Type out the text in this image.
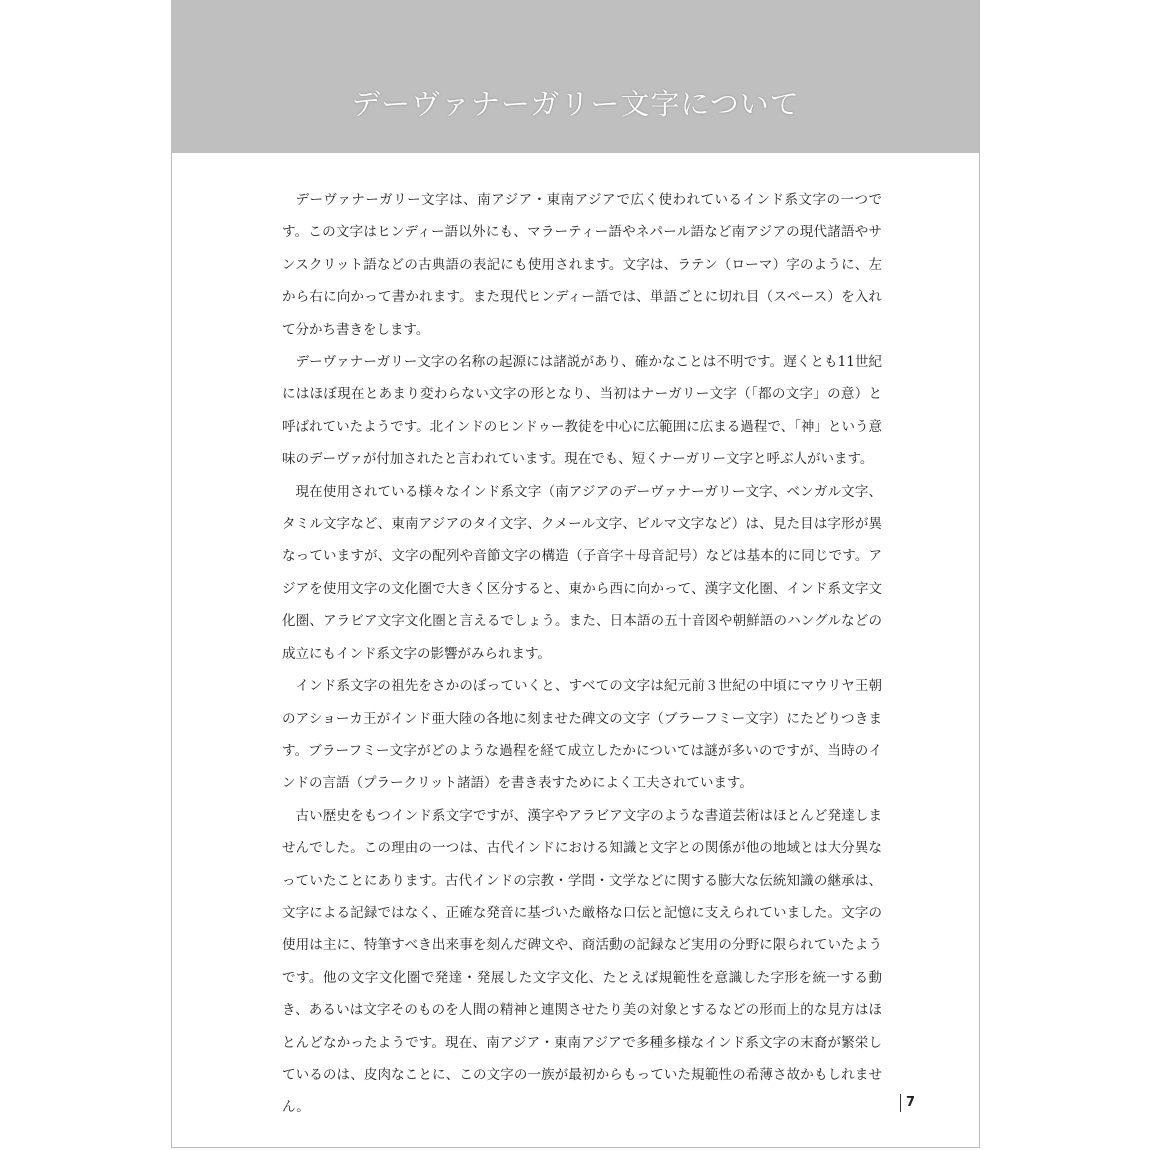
デーヴァナーガリー文字について

デーヴァナーガリー文字は、南アジア・東南アジアで広く使われているインド系文字の一つです。この文字はヒンディー語以外にも、マラーティー語やネパール語など南アジアの現代諸語やサンスクリット語などの古典語の表記にも使用されます。文字は、ラテン（ローマ）字のように、左から右に向かって書かれます。また現代ヒンディー語では、単語ごとに切れ目（スペース）を入れて分かち書きをします。

デーヴァナーガリー文字の名称の起源には諸説があり、確かなことは不明です。遅くとも11世紀にはほぼ現在とあまり変わらない文字の形となり、当初はナーガリー文字（「都の文字」の意）と呼ばれていたようです。北インドのヒンドゥー教徒を中心に広範囲に広まる過程で、「神」という意味のデーヴァが付加されたと言われています。現在でも、短くナーガリー文字と呼ぶ人がいます。

現在使用されている様々なインド系文字（南アジアのデーヴァナーガリー文字、ベンガル文字、タミル文字など、東南アジアのタイ文字、クメール文字、ビルマ文字など）は、見た目は字形が異なっていますが、文字の配列や音節文字の構造（子音字＋母音記号）などは基本的に同じです。アジアを使用文字の文化圏で大きく区分すると、東から西に向かって、漢字文化圏、インド系文字文化圏、アラビア文字文化圏と言えるでしょう。また、日本語の五十音図や朝鮮語のハングルなどの成立にもインド系文字の影響がみられます。

インド系文字の祖先をさかのぼっていくと、すべての文字は紀元前３世紀の中頃にマウリヤ王朝のアショーカ王がインド亜大陸の各地に刻ませた碑文の文字（ブラーフミー文字）にたどりつきます。ブラーフミー文字がどのような過程を経て成立したかについては謎が多いのですが、当時のインドの言語（プラークリット諸語）を書き表すためによく工夫されています。

古い歴史をもつインド系文字ですが、漢字やアラビア文字のような書道芸術はほとんど発達しませんでした。この理由の一つは、古代インドにおける知識と文字との関係が他の地域とは大分異なっていたことにあります。古代インドの宗教・学問・文学などに関する膨大な伝統知識の継承は、文字による記録ではなく、正確な発音に基づいた厳格な口伝と記憶に支えられていました。文字の使用は主に、特筆すべき出来事を刻んだ碑文や、商活動の記録など実用の分野に限られていたようです。他の文字文化圏で発達・発展した文字文化、たとえば規範性を意識した字形を統一する動き、あるいは文字そのものを人間の精神と連関させたり美の対象とするなどの形而上的な見方はほとんどなかったようです。現在、南アジア・東南アジアで多種多様なインド系文字の末裔が繁栄しているのは、皮肉なことに、この文字の一族が最初からもっていた規範性の希薄さ故かもしれません。	7
